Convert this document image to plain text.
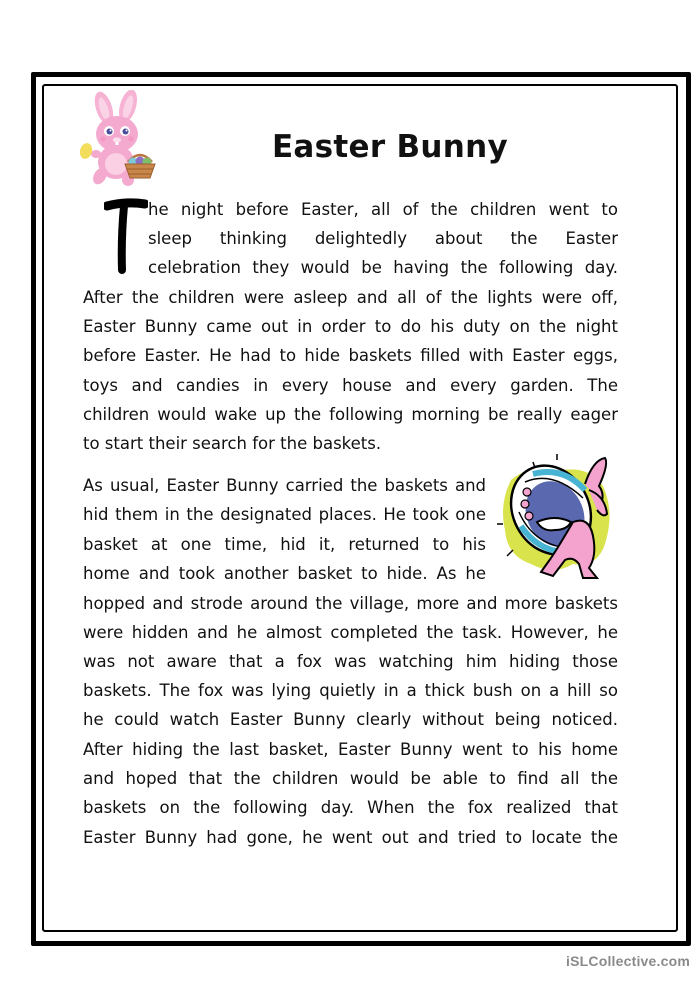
Easter Bunny
he night before Easter, all of the children went to
sleep thinking delightedly about the Easter
celebration they would be having the following day.
After the children were asleep and all of the lights were off,
Easter Bunny came out in order to do his duty on the night
before Easter. He had to hide baskets filled with Easter eggs,
toys and candies in every house and every garden. The
children would wake up the following morning be really eager
to start their search for the baskets.
As usual, Easter Bunny carried the baskets and
hid them in the designated places. He took one
basket at one time, hid it, returned to his
home and took another basket to hide. As he
hopped and strode around the village, more and more baskets
were hidden and he almost completed the task. However, he
was not aware that a fox was watching him hiding those
baskets. The fox was lying quietly in a thick bush on a hill so
he could watch Easter Bunny clearly without being noticed.
After hiding the last basket, Easter Bunny went to his home
and hoped that the children would be able to find all the
baskets on the following day. When the fox realized that
Easter Bunny had gone, he went out and tried to locate the
iSLCollective.com
